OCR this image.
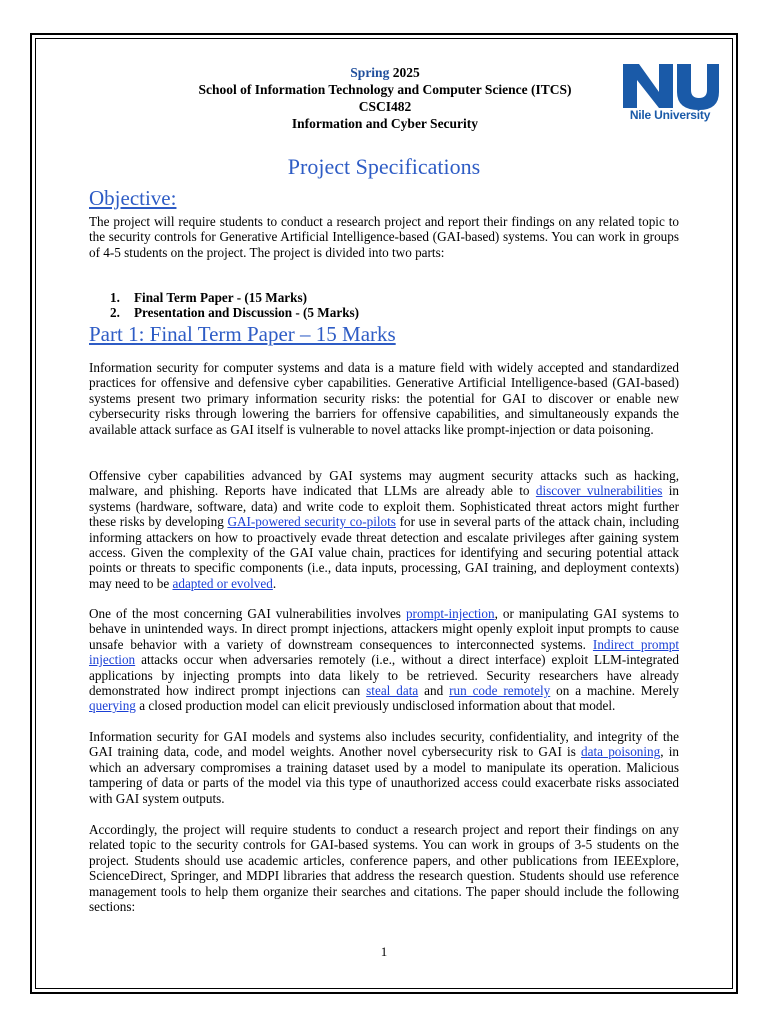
Spring 2025
School of Information Technology and Computer Science (ITCS)
CSCI482
Information and Cyber Security
Nile University
Project Specifications
Objective:

The project will require students to conduct a research project and report their findings on any related topic to the security controls for Generative Artificial Intelligence-based (GAI-based) systems. You can work in groups of 4-5 students on the project. The project is divided into two parts:

1. Final Term Paper - (15 Marks)
2. Presentation and Discussion - (5 Marks)
Part 1: Final Term Paper – 15 Marks

Information security for computer systems and data is a mature field with widely accepted and standardized practices for offensive and defensive cyber capabilities. Generative Artificial Intelligence-based (GAI-based) systems present two primary information security risks: the potential for GAI to discover or enable new cybersecurity risks through lowering the barriers for offensive capabilities, and simultaneously expands the available attack surface as GAI itself is vulnerable to novel attacks like prompt-injection or data poisoning.

Offensive cyber capabilities advanced by GAI systems may augment security attacks such as hacking, malware, and phishing. Reports have indicated that LLMs are already able to discover vulnerabilities in systems (hardware, software, data) and write code to exploit them. Sophisticated threat actors might further these risks by developing GAI-powered security co-pilots for use in several parts of the attack chain, including informing attackers on how to proactively evade threat detection and escalate privileges after gaining system access. Given the complexity of the GAI value chain, practices for identifying and securing potential attack points or threats to specific components (i.e., data inputs, processing, GAI training, and deployment contexts) may need to be adapted or evolved.

One of the most concerning GAI vulnerabilities involves prompt-injection, or manipulating GAI systems to behave in unintended ways. In direct prompt injections, attackers might openly exploit input prompts to cause unsafe behavior with a variety of downstream consequences to interconnected systems. Indirect prompt injection attacks occur when adversaries remotely (i.e., without a direct interface) exploit LLM-integrated applications by injecting prompts into data likely to be retrieved. Security researchers have already demonstrated how indirect prompt injections can steal data and run code remotely on a machine. Merely querying a closed production model can elicit previously undisclosed information about that model.

Information security for GAI models and systems also includes security, confidentiality, and integrity of the GAI training data, code, and model weights. Another novel cybersecurity risk to GAI is data poisoning, in which an adversary compromises a training dataset used by a model to manipulate its operation. Malicious tampering of data or parts of the model via this type of unauthorized access could exacerbate risks associated with GAI system outputs.

Accordingly, the project will require students to conduct a research project and report their findings on any related topic to the security controls for GAI-based systems. You can work in groups of 3-5 students on the project. Students should use academic articles, conference papers, and other publications from IEEExplore, ScienceDirect, Springer, and MDPI libraries that address the research question. Students should use reference management tools to help them organize their searches and citations. The paper should include the following sections:

1
